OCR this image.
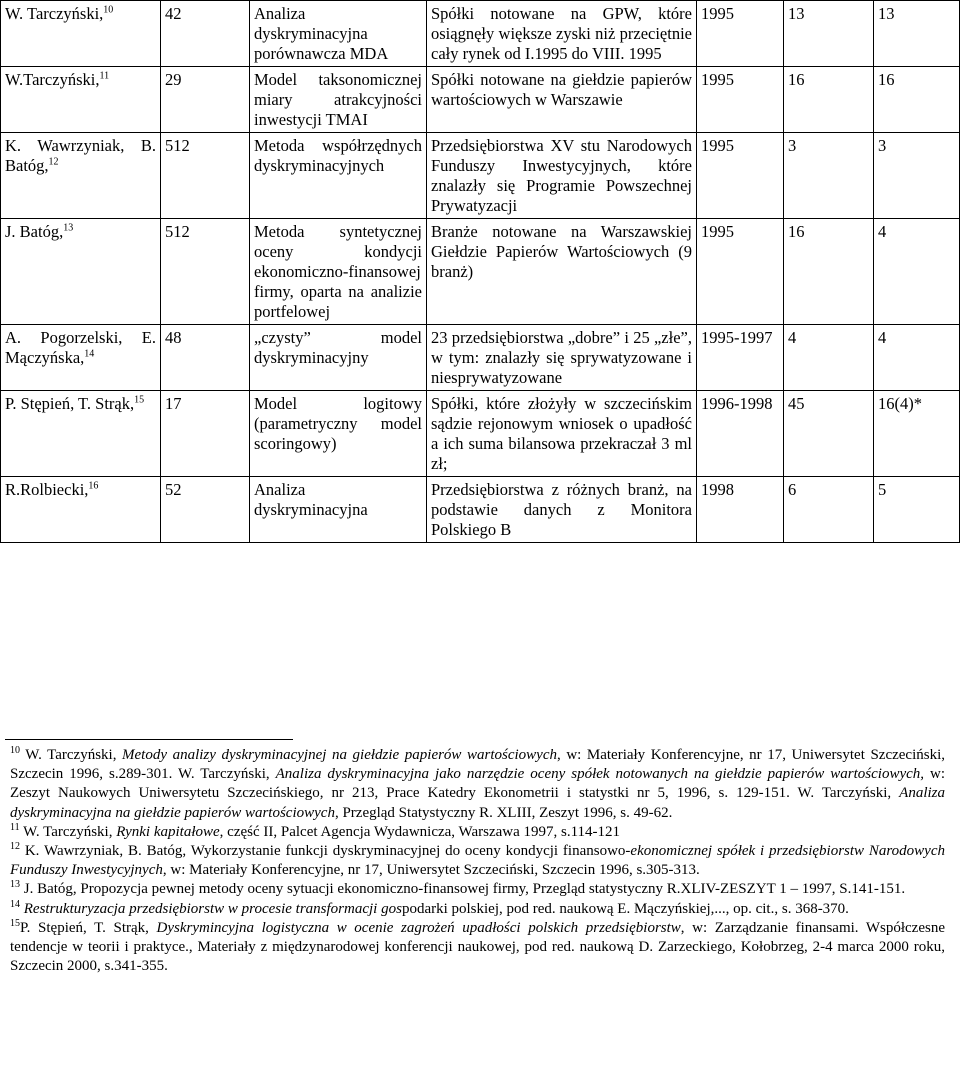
W. Tarczyński,$^{10}$	42	Analiza dyskryminacyjna porównawcza MDA	Spółki notowane na GPW, które osiągnęły większe zyski niż przeciętnie cały rynek od I.1995 do VIII. 1995	1995	13	13
W.Tarczyński,$^{11}$	29	Model taksonomicznej miary atrakcyjności inwestycji TMAI	Spółki notowane na giełdzie papierów wartościowych w Warszawie	1995	16	16
K. Wawrzyniak, B. Batóg,$^{12}$	512	Metoda współrzędnych dyskryminacyjnych	Przedsiębiorstwa XV stu Narodowych Funduszy Inwestycyjnych, które znalazły się Programie Powszechnej Prywatyzacji	1995	3	3
J. Batóg,$^{13}$	512	Metoda syntetycznej oceny kondycji ekonomiczno-finansowej firmy, oparta na analizie portfelowej	Branże notowane na Warszawskiej Giełdzie Papierów Wartościowych (9 branż)	1995	16	4
A. Pogorzelski, E. Mączyńska,$^{14}$	48	„czysty” model dyskryminacyjny	23 przedsiębiorstwa „dobre” i 25 „złe”, w tym: znalazły się sprywatyzowane i niesprywatyzowane	1995-1997	4	4
P. Stępień, T. Strąk,$^{15}$	17	Model logitowy (parametryczny model scoringowy)	Spółki, które złożyły w szczecińskim sądzie rejonowym wniosek o upadłość a ich suma bilansowa przekraczał 3 ml zł;	1996-1998	45	16(4)*
R.Rolbiecki,$^{16}$	52	Analiza dyskryminacyjna	Przedsiębiorstwa z różnych branż, na podstawie danych z Monitora Polskiego B	1998	6	5

$^{10}$ W. Tarczyński, Metody analizy dyskryminacyjnej na giełdzie papierów wartościowych, w: Materiały Konferencyjne, nr 17, Uniwersytet Szczeciński, Szczecin 1996, s.289-301. W. Tarczyński, Analiza dyskryminacyjna jako narzędzie oceny spółek notowanych na giełdzie papierów wartościowych, w: Zeszyt Naukowych Uniwersytetu Szczecińskiego, nr 213, Prace Katedry Ekonometrii i statystki nr 5, 1996, s. 129-151. W. Tarczyński, Analiza dyskryminacyjna na giełdzie papierów wartościowych, Przegląd Statystyczny R. XLIII, Zeszyt 1996, s. 49-62.

$^{11}$ W. Tarczyński, Rynki kapitałowe, część II, Palcet Agencja Wydawnicza, Warszawa 1997, s.114-121

$^{12}$ K. Wawrzyniak, B. Batóg, Wykorzystanie funkcji dyskryminacyjnej do oceny kondycji finansowo-ekonomicznej spółek i przedsiębiorstw Narodowych Funduszy Inwestycyjnych, w: Materiały Konferencyjne, nr 17, Uniwersytet Szczeciński, Szczecin 1996, s.305-313.

$^{13}$ J. Batóg, Propozycja pewnej metody oceny sytuacji ekonomiczno-finansowej firmy, Przegląd statystyczny R.XLIV-ZESZYT 1 – 1997, S.141-151.

$^{14}$ Restrukturyzacja przedsiębiorstw w procesie transformacji gospodarki polskiej, pod red. naukową E. Mączyńskiej,..., op. cit., s. 368-370.

$^{15}$P. Stępień, T. Strąk, Dyskrymincyjna logistyczna w ocenie zagrożeń upadłości polskich przedsiębiorstw, w: Zarządzanie finansami. Współczesne tendencje w teorii i praktyce., Materiały z międzynarodowej konferencji naukowej, pod red. naukową D. Zarzeckiego, Kołobrzeg, 2-4 marca 2000 roku, Szczecin 2000, s.341-355.
